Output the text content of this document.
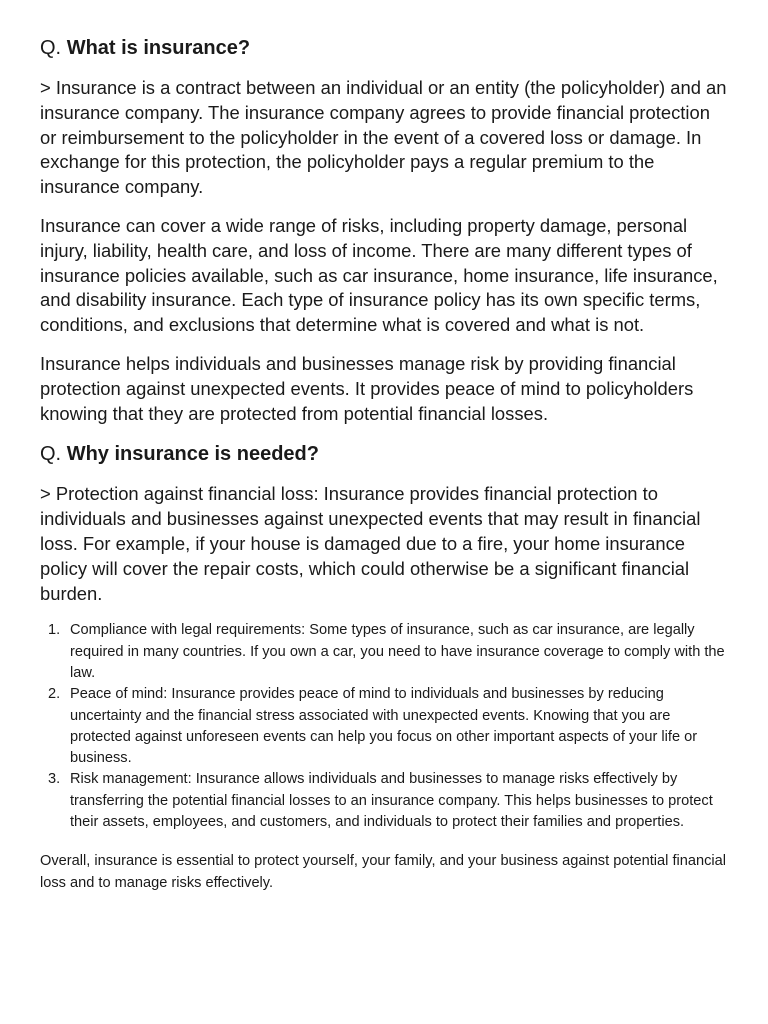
Q. What is insurance?

> Insurance is a contract between an individual or an entity (the policyholder) and an insurance company. The insurance company agrees to provide financial protection or reimbursement to the policyholder in the event of a covered loss or damage. In exchange for this protection, the policyholder pays a regular premium to the insurance company.

Insurance can cover a wide range of risks, including property damage, personal injury, liability, health care, and loss of income. There are many different types of insurance policies available, such as car insurance, home insurance, life insurance, and disability insurance. Each type of insurance policy has its own specific terms, conditions, and exclusions that determine what is covered and what is not.

Insurance helps individuals and businesses manage risk by providing financial protection against unexpected events. It provides peace of mind to policyholders knowing that they are protected from potential financial losses.

Q. Why insurance is needed?

> Protection against financial loss: Insurance provides financial protection to individuals and businesses against unexpected events that may result in financial loss. For example, if your house is damaged due to a fire, your home insurance policy will cover the repair costs, which could otherwise be a significant financial burden.

1. Compliance with legal requirements: Some types of insurance, such as car insurance, are legally required in many countries. If you own a car, you need to have insurance coverage to comply with the law.
2. Peace of mind: Insurance provides peace of mind to individuals and businesses by reducing uncertainty and the financial stress associated with unexpected events. Knowing that you are protected against unforeseen events can help you focus on other important aspects of your life or business.
3. Risk management: Insurance allows individuals and businesses to manage risks effectively by transferring the potential financial losses to an insurance company. This helps businesses to protect their assets, employees, and customers, and individuals to protect their families and properties.

Overall, insurance is essential to protect yourself, your family, and your business against potential financial loss and to manage risks effectively.
